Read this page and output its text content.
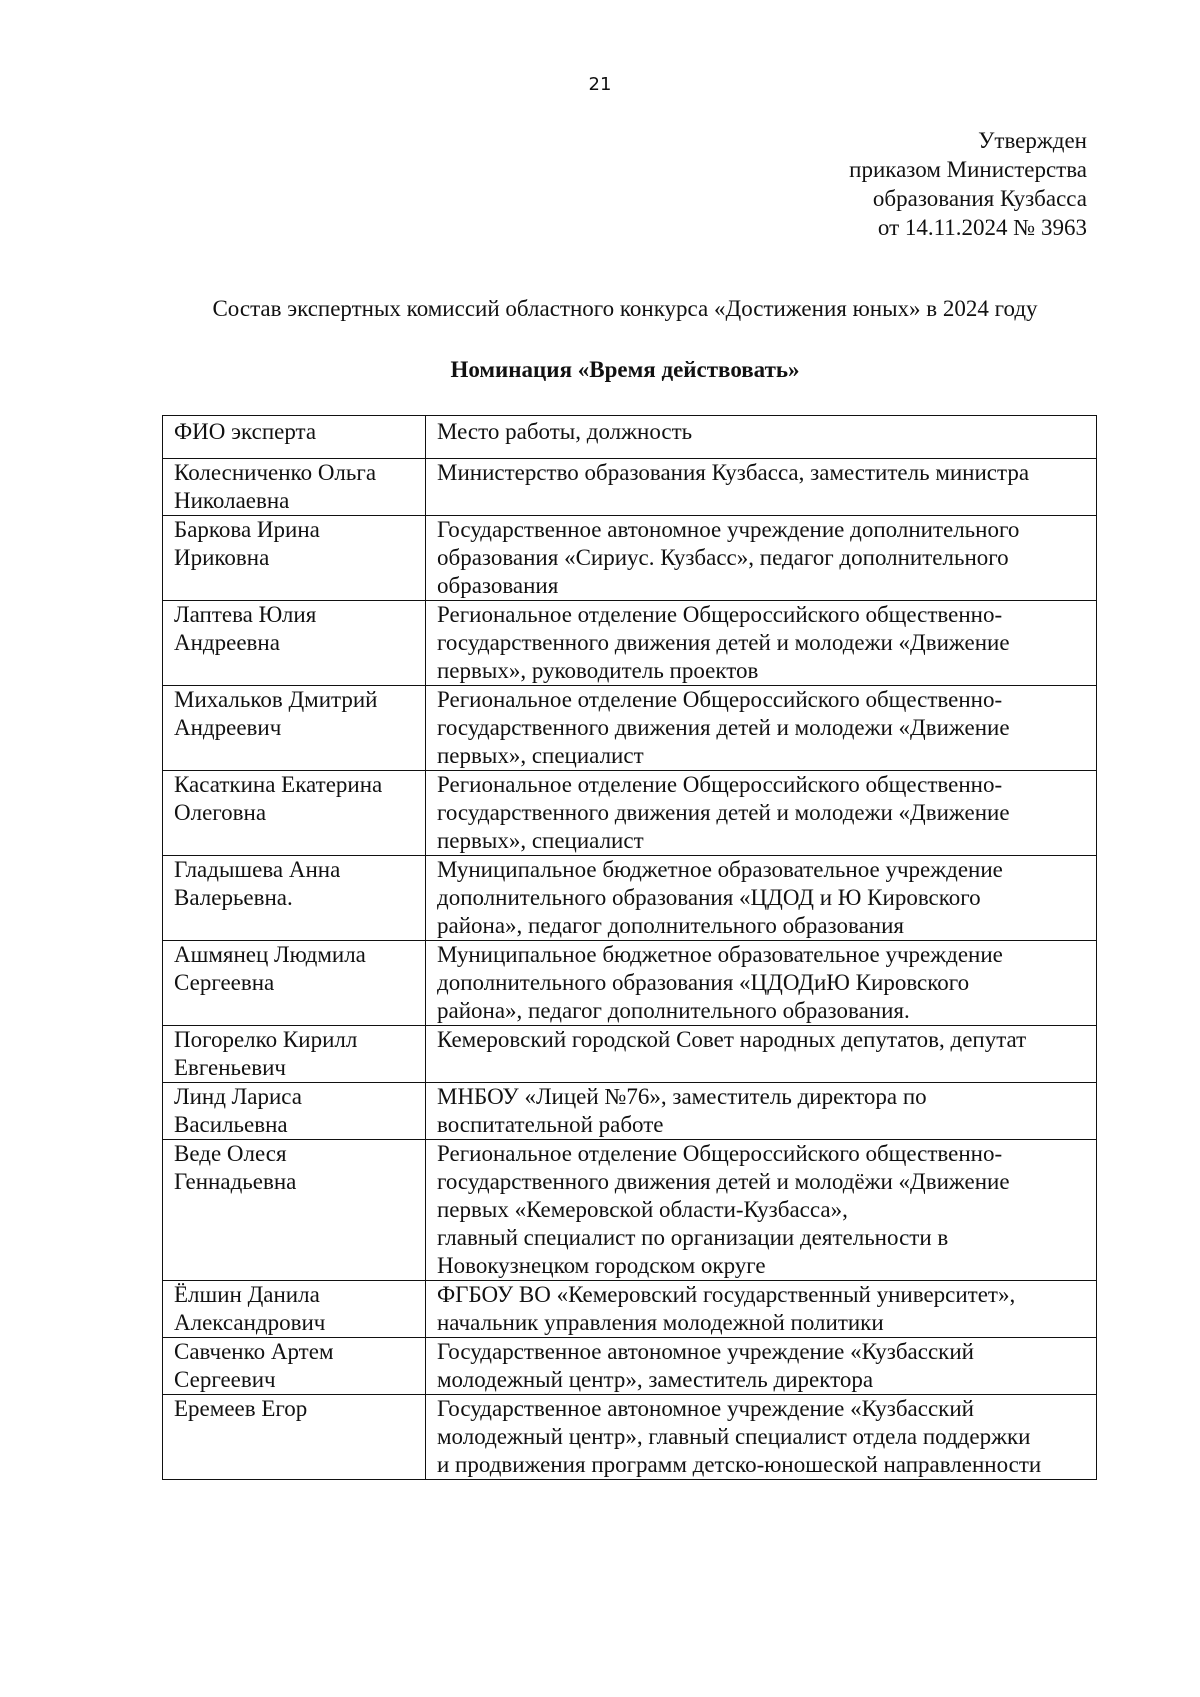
21
Утвержден
приказом Министерства
образования Кузбасса
от 14.11.2024 № 3963
Состав экспертных комиссий областного конкурса «Достижения юных» в 2024 году
Номинация «Время действовать»
ФИО эксперта	Место работы, должность

Колесниченко Ольга
Николаевна	Министерство образования Кузбасса, заместитель министра

Баркова Ирина
Ириковна	Государственное автономное учреждение дополнительного
образования «Сириус. Кузбасс», педагог дополнительного
образования

Лаптева Юлия
Андреевна	Региональное отделение Общероссийского общественно-
государственного движения детей и молодежи «Движение
первых», руководитель проектов

Михальков Дмитрий
Андреевич	Региональное отделение Общероссийского общественно-
государственного движения детей и молодежи «Движение
первых», специалист

Касаткина Екатерина
Олеговна	Региональное отделение Общероссийского общественно-
государственного движения детей и молодежи «Движение
первых», специалист

Гладышева Анна
Валерьевна.	Муниципальное бюджетное образовательное учреждение
дополнительного образования «ЦДОД и Ю Кировского
района», педагог дополнительного образования

Ашмянец Людмила
Сергеевна	Муниципальное бюджетное образовательное учреждение
дополнительного образования «ЦДОДиЮ Кировского
района», педагог дополнительного образования.

Погорелко Кирилл
Евгеньевич	Кемеровский городской Совет народных депутатов, депутат

Линд Лариса
Васильевна	МНБОУ «Лицей №76», заместитель директора по
воспитательной работе

Веде Олеся
Геннадьевна	Региональное отделение Общероссийского общественно-
государственного движения детей и молодёжи «Движение
первых «Кемеровской области-Кузбасса»,
главный специалист по организации деятельности в
Новокузнецком городском округе

Ёлшин Данила
Александрович	ФГБОУ ВО «Кемеровский государственный университет»,
начальник управления молодежной политики

Савченко Артем
Сергеевич	Государственное автономное учреждение «Кузбасский
молодежный центр», заместитель директора

Еремеев Егор	Государственное автономное учреждение «Кузбасский
молодежный центр», главный специалист отдела поддержки
и продвижения программ детско-юношеской направленности
